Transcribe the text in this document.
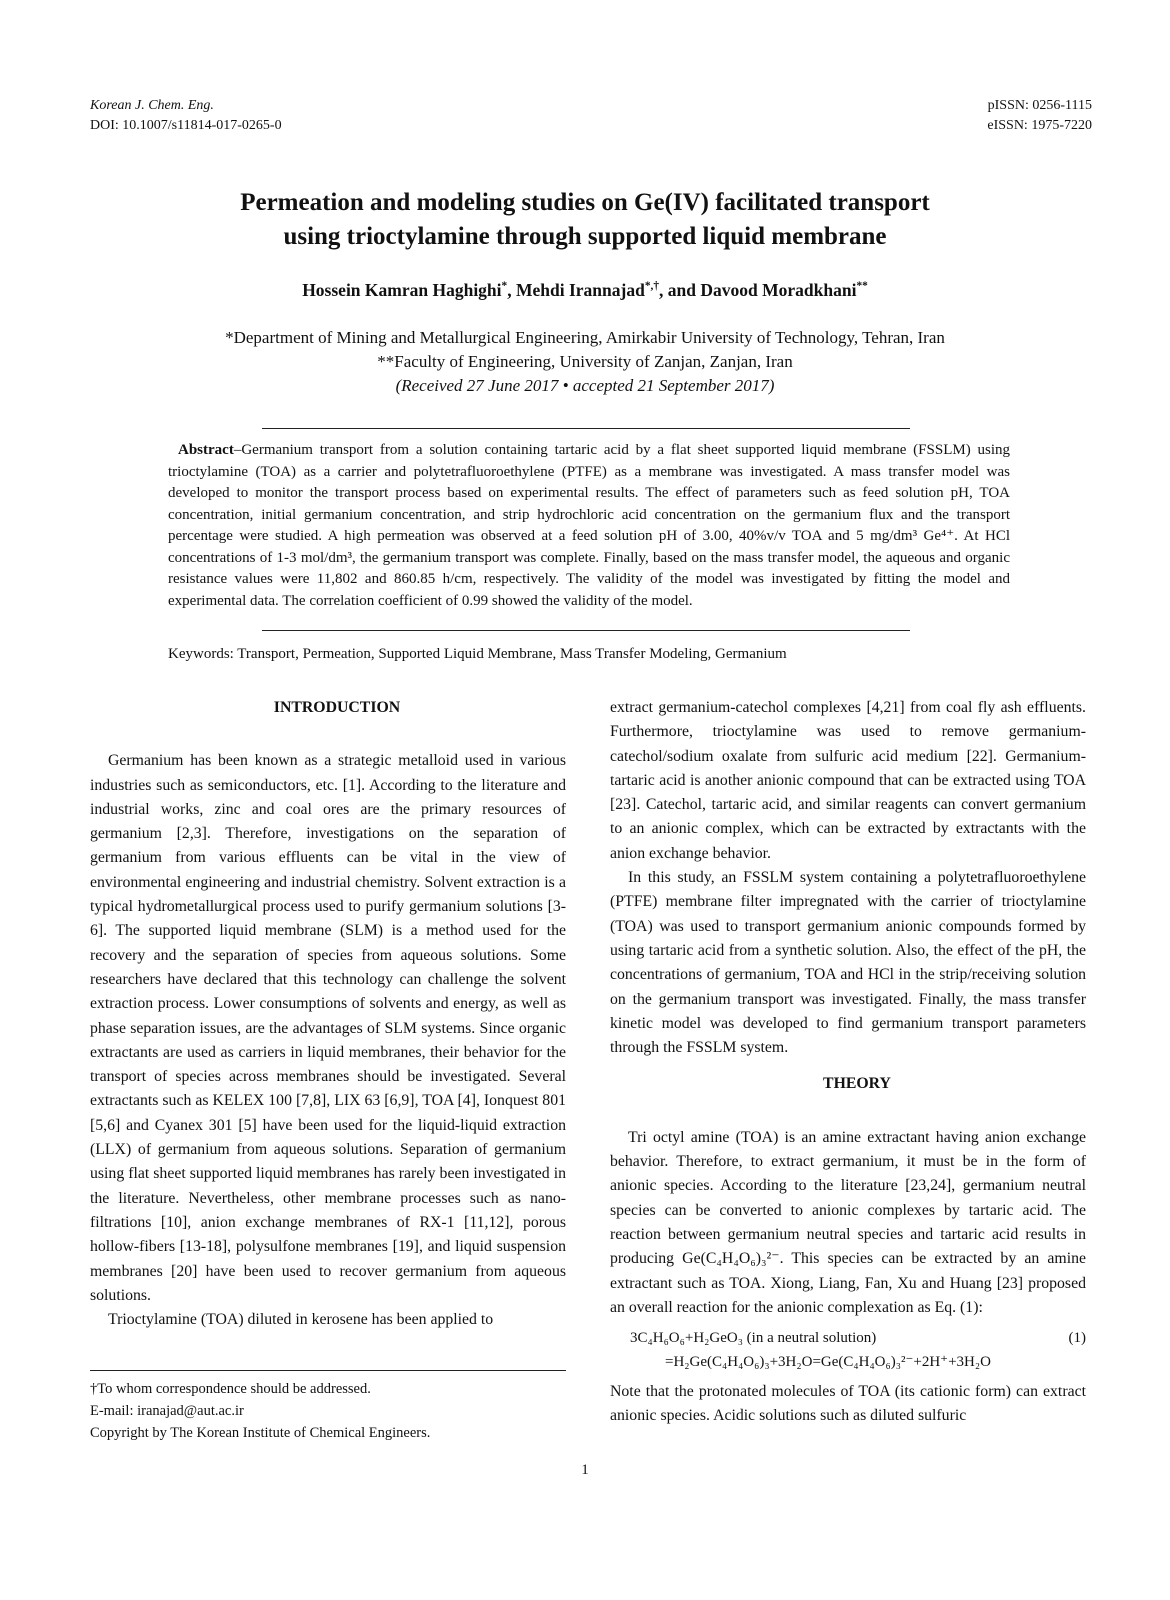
Korean J. Chem. Eng.
DOI: 10.1007/s11814-017-0265-0
pISSN: 0256-1115
eISSN: 1975-7220
Permeation and modeling studies on Ge(IV) facilitated transport
using trioctylamine through supported liquid membrane
Hossein Kamran Haghighi*, Mehdi Irannajad*,†, and Davood Moradkhani**
*Department of Mining and Metallurgical Engineering, Amirkabir University of Technology, Tehran, Iran
**Faculty of Engineering, University of Zanjan, Zanjan, Iran
(Received 27 June 2017 • accepted 21 September 2017)
Abstract–Germanium transport from a solution containing tartaric acid by a flat sheet supported liquid membrane (FSSLM) using trioctylamine (TOA) as a carrier and polytetrafluoroethylene (PTFE) as a membrane was investigated. A mass transfer model was developed to monitor the transport process based on experimental results. The effect of parameters such as feed solution pH, TOA concentration, initial germanium concentration, and strip hydrochloric acid concentration on the germanium flux and the transport percentage were studied. A high permeation was observed at a feed solution pH of 3.00, 40%v/v TOA and 5 mg/dm³ Ge⁴⁺. At HCl concentrations of 1-3 mol/dm³, the germanium transport was complete. Finally, based on the mass transfer model, the aqueous and organic resistance values were 11,802 and 860.85 h/cm, respectively. The validity of the model was investigated by fitting the model and experimental data. The correlation coefficient of 0.99 showed the validity of the model.
Keywords: Transport, Permeation, Supported Liquid Membrane, Mass Transfer Modeling, Germanium

INTRODUCTION

Germanium has been known as a strategic metalloid used in various industries such as semiconductors, etc. [1]. According to the literature and industrial works, zinc and coal ores are the primary resources of germanium [2,3]. Therefore, investigations on the separation of germanium from various effluents can be vital in the view of environmental engineering and industrial chemistry. Solvent extraction is a typical hydrometallurgical process used to purify germanium solutions [3-6]. The supported liquid membrane (SLM) is a method used for the recovery and the separation of species from aqueous solutions. Some researchers have declared that this technology can challenge the solvent extraction process. Lower consumptions of solvents and energy, as well as phase separation issues, are the advantages of SLM systems. Since organic extractants are used as carriers in liquid membranes, their behavior for the transport of species across membranes should be investigated. Several extractants such as KELEX 100 [7,8], LIX 63 [6,9], TOA [4], Ionquest 801 [5,6] and Cyanex 301 [5] have been used for the liquid-liquid extraction (LLX) of germanium from aqueous solutions. Separation of germanium using flat sheet supported liquid membranes has rarely been investigated in the literature. Nevertheless, other membrane processes such as nano-filtrations [10], anion exchange membranes of RX-1 [11,12], porous hollow-fibers [13-18], polysulfone membranes [19], and liquid suspension membranes [20] have been used to recover germanium from aqueous solutions.

Trioctylamine (TOA) diluted in kerosene has been applied to

extract germanium-catechol complexes [4,21] from coal fly ash effluents. Furthermore, trioctylamine was used to remove germanium-catechol/sodium oxalate from sulfuric acid medium [22]. Germanium-tartaric acid is another anionic compound that can be extracted using TOA [23]. Catechol, tartaric acid, and similar reagents can convert germanium to an anionic complex, which can be extracted by extractants with the anion exchange behavior.

In this study, an FSSLM system containing a polytetrafluoroethylene (PTFE) membrane filter impregnated with the carrier of trioctylamine (TOA) was used to transport germanium anionic compounds formed by using tartaric acid from a synthetic solution. Also, the effect of the pH, the concentrations of germanium, TOA and HCl in the strip/receiving solution on the germanium transport was investigated. Finally, the mass transfer kinetic model was developed to find germanium transport parameters through the FSSLM system.

THEORY

Tri octyl amine (TOA) is an amine extractant having anion exchange behavior. Therefore, to extract germanium, it must be in the form of anionic species. According to the literature [23,24], germanium neutral species can be converted to anionic complexes by tartaric acid. The reaction between germanium neutral species and tartaric acid results in producing Ge(C₄H₄O₆)₃²⁻. This species can be extracted by an amine extractant such as TOA. Xiong, Liang, Fan, Xu and Huang [23] proposed an overall reaction for the anionic complexation as Eq. (1):

3C₄H₆O₆+H₂GeO₃ (in a neutral solution)
=H₂Ge(C₄H₄O₆)₃+3H₂O=Ge(C₄H₄O₆)₃²⁻+2H⁺+3H₂O
(1)

Note that the protonated molecules of TOA (its cationic form) can extract anionic species. Acidic solutions such as diluted sulfuric

†To whom correspondence should be addressed.
E-mail: iranajad@aut.ac.ir
Copyright by The Korean Institute of Chemical Engineers.
1
